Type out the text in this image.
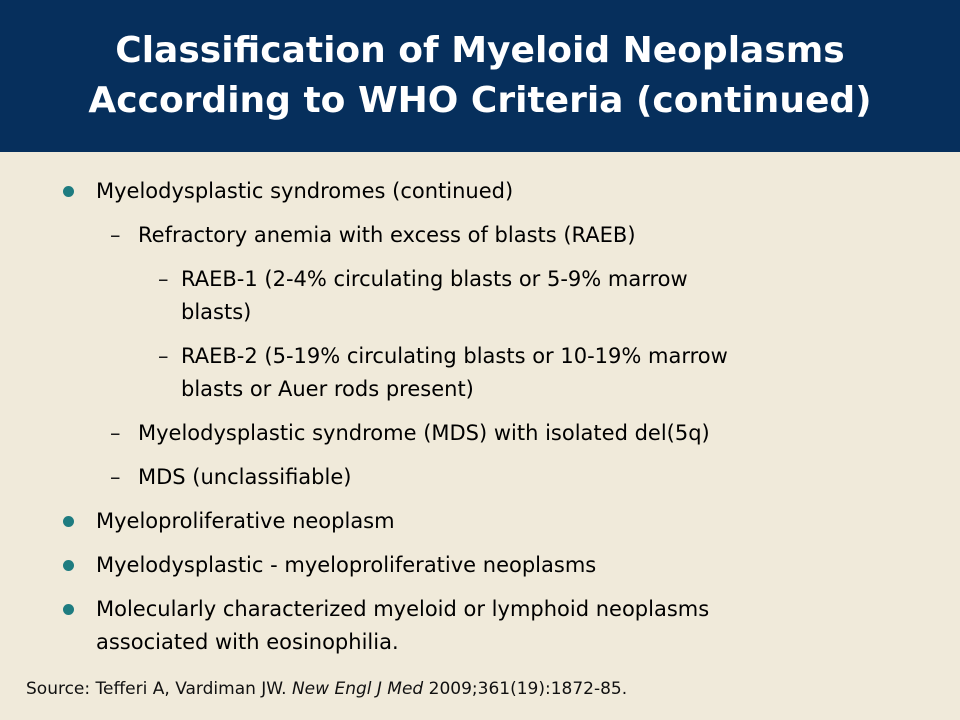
Classification of Myeloid Neoplasms
According to WHO Criteria (continued)
Myelodysplastic syndromes (continued)
– Refractory anemia with excess of blasts (RAEB)
– RAEB-1 (2-4% circulating blasts or 5-9% marrow
blasts)
– RAEB-2 (5-19% circulating blasts or 10-19% marrow
blasts or Auer rods present)
– Myelodysplastic syndrome (MDS) with isolated del(5q)
– MDS (unclassifiable)
Myeloproliferative neoplasm
Myelodysplastic - myeloproliferative neoplasms
Molecularly characterized myeloid or lymphoid neoplasms
associated with eosinophilia.
Source: Tefferi A, Vardiman JW. New Engl J Med 2009;361(19):1872-85.
